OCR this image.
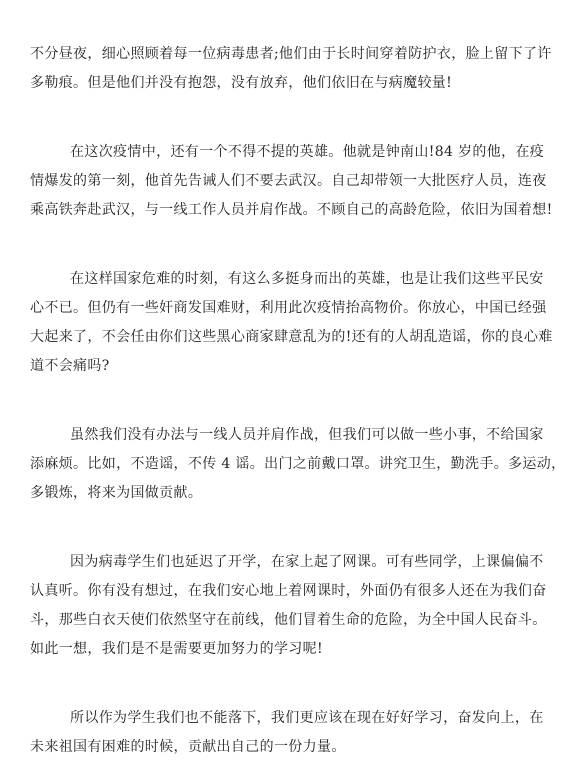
不分昼夜，细心照顾着每一位病毒患者;他们由于长时间穿着防护衣，脸上留下了许
多勒痕。但是他们并没有抱怨，没有放弃，他们依旧在与病魔较量!
在这次疫情中，还有一个不得不提的英雄。他就是钟南山!84 岁的他，在疫
情爆发的第一刻，他首先告诫人们不要去武汉。自己却带领一大批医疗人员，连夜
乘高铁奔赴武汉，与一线工作人员并肩作战。不顾自己的高龄危险，依旧为国着想!
在这样国家危难的时刻，有这么多挺身而出的英雄，也是让我们这些平民安
心不已。但仍有一些奸商发国难财，利用此次疫情抬高物价。你放心，中国已经强
大起来了，不会任由你们这些黑心商家肆意乱为的!还有的人胡乱造谣，你的良心难
道不会痛吗?
虽然我们没有办法与一线人员并肩作战，但我们可以做一些小事，不给国家
添麻烦。比如，不造谣，不传 4 谣。出门之前戴口罩。讲究卫生，勤洗手。多运动，
多锻炼，将来为国做贡献。
因为病毒学生们也延迟了开学，在家上起了网课。可有些同学，上课偏偏不
认真听。你有没有想过，在我们安心地上着网课时，外面仍有很多人还在为我们奋
斗，那些白衣天使们依然坚守在前线，他们冒着生命的危险，为全中国人民奋斗。
如此一想，我们是不是需要更加努力的学习呢!
所以作为学生我们也不能落下，我们更应该在现在好好学习，奋发向上，在
未来祖国有困难的时候，贡献出自己的一份力量。
